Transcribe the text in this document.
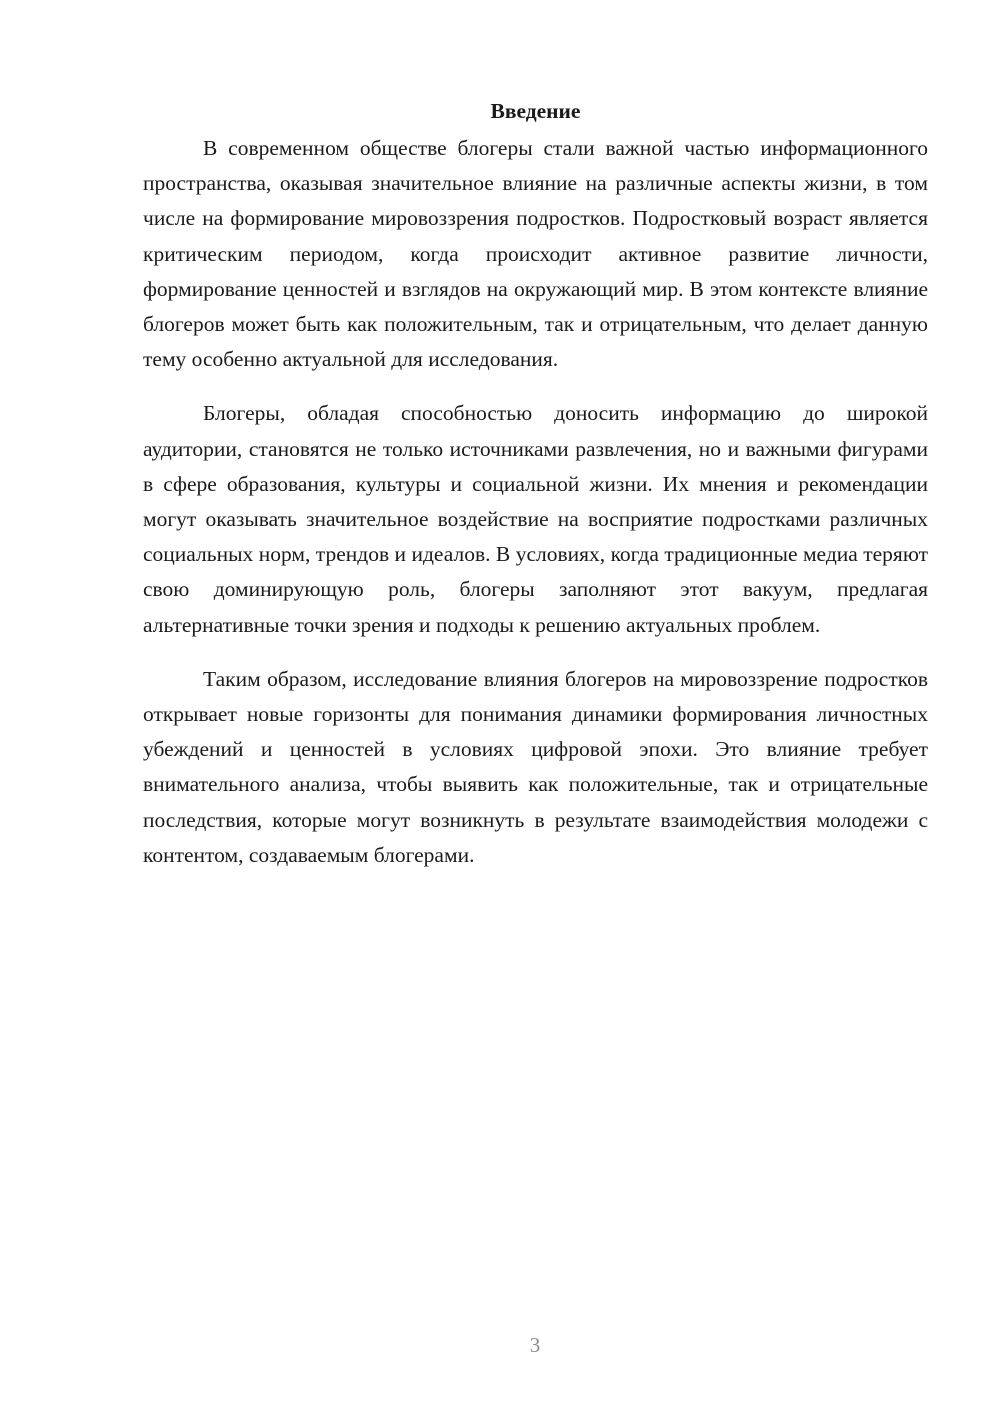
Введение

В современном обществе блогеры стали важной частью информационного пространства, оказывая значительное влияние на различные аспекты жизни, в том числе на формирование мировоззрения подростков. Подростковый возраст является критическим периодом, когда происходит активное развитие личности, формирование ценностей и взглядов на окружающий мир. В этом контексте влияние блогеров может быть как положительным, так и отрицательным, что делает данную тему особенно актуальной для исследования.

Блогеры, обладая способностью доносить информацию до широкой аудитории, становятся не только источниками развлечения, но и важными фигурами в сфере образования, культуры и социальной жизни. Их мнения и рекомендации могут оказывать значительное воздействие на восприятие подростками различных социальных норм, трендов и идеалов. В условиях, когда традиционные медиа теряют свою доминирующую роль, блогеры заполняют этот вакуум, предлагая альтернативные точки зрения и подходы к решению актуальных проблем.

Таким образом, исследование влияния блогеров на мировоззрение подростков открывает новые горизонты для понимания динамики формирования личностных убеждений и ценностей в условиях цифровой эпохи. Это влияние требует внимательного анализа, чтобы выявить как положительные, так и отрицательные последствия, которые могут возникнуть в результате взаимодействия молодежи с контентом, создаваемым блогерами.

3
